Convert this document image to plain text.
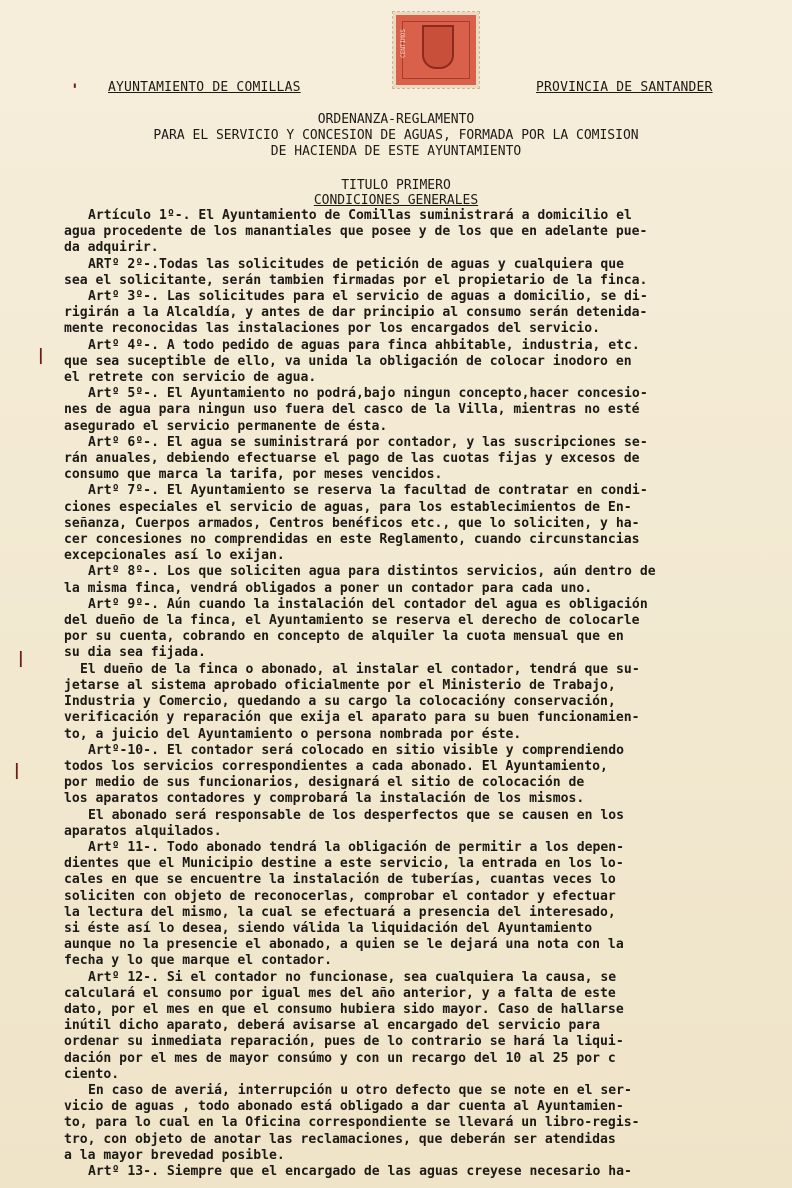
CENTIMOS
'
|
|
|
AYUNTAMIENTO DE COMILLAS	PROVINCIA DE SANTANDER
ORDENANZA-REGLAMENTO
PARA EL SERVICIO Y CONCESION DE AGUAS, FORMADA POR LA COMISION
DE HACIENDA DE ESTE AYUNTAMIENTO
TITULO PRIMERO
CONDICIONES GENERALES
Artículo 1º-. El Ayuntamiento de Comillas suministrará a domicilio el
agua procedente de los manantiales que posee y de los que en adelante pue-
da adquirir.
ARTº 2º-.Todas las solicitudes de petición de aguas y cualquiera que
sea el solicitante, serán tambien firmadas por el propietario de la finca.
Artº 3º-. Las solicitudes para el servicio de aguas a domicilio, se di-
rigirán a la Alcaldía, y antes de dar principio al consumo serán detenida-
mente reconocidas las instalaciones por los encargados del servicio.
Artº 4º-. A todo pedido de aguas para finca ahbitable, industria, etc.
que sea suceptible de ello, va unida la obligación de colocar inodoro en
el retrete con servicio de agua.
Artº 5º-. El Ayuntamiento no podrá,bajo ningun concepto,hacer concesio-
nes de agua para ningun uso fuera del casco de la Villa, mientras no esté
asegurado el servicio permanente de ésta.
Artº 6º-. El agua se suministrará por contador, y las suscripciones se-
rán anuales, debiendo efectuarse el pago de las cuotas fijas y excesos de
consumo que marca la tarifa, por meses vencidos.
Artº 7º-. El Ayuntamiento se reserva la facultad de contratar en condi-
ciones especiales el servicio de aguas, para los establecimientos de En-
señanza, Cuerpos armados, Centros benéficos etc., que lo soliciten, y ha-
cer concesiones no comprendidas en este Reglamento, cuando circunstancias
excepcionales así lo exijan.
Artº 8º-. Los que soliciten agua para distintos servicios, aún dentro de
la misma finca, vendrá obligados a poner un contador para cada uno.
Artº 9º-. Aún cuando la instalación del contador del agua es obligación
del dueño de la finca, el Ayuntamiento se reserva el derecho de colocarle
por su cuenta, cobrando en concepto de alquiler la cuota mensual que en
su dia sea fijada.
El dueño de la finca o abonado, al instalar el contador, tendrá que su-
jetarse al sistema aprobado oficialmente por el Ministerio de Trabajo,
Industria y Comercio, quedando a su cargo la colocacióny conservación,
verificación y reparación que exija el aparato para su buen funcionamien-
to, a juicio del Ayuntamiento o persona nombrada por éste.
Artº-10-. El contador será colocado en sitio visible y comprendiendo
todos los servicios correspondientes a cada abonado. El Ayuntamiento,
por medio de sus funcionarios, designará el sitio de colocación de
los aparatos contadores y comprobará la instalación de los mismos.
El abonado será responsable de los desperfectos que se causen en los
aparatos alquilados.
Artº 11-. Todo abonado tendrá la obligación de permitir a los depen-
dientes que el Municipio destine a este servicio, la entrada en los lo-
cales en que se encuentre la instalación de tuberías, cuantas veces lo
soliciten con objeto de reconocerlas, comprobar el contador y efectuar
la lectura del mismo, la cual se efectuará a presencia del interesado,
si éste así lo desea, siendo válida la liquidación del Ayuntamiento
aunque no la presencie el abonado, a quien se le dejará una nota con la
fecha y lo que marque el contador.
Artº 12-. Si el contador no funcionase, sea cualquiera la causa, se
calculará el consumo por igual mes del año anterior, y a falta de este
dato, por el mes en que el consumo hubiera sido mayor. Caso de hallarse
inútil dicho aparato, deberá avisarse al encargado del servicio para
ordenar su inmediata reparación, pues de lo contrario se hará la liqui-
dación por el mes de mayor consúmo y con un recargo del 10 al 25 por c
ciento.
En caso de averiá, interrupción u otro defecto que se note en el ser-
vicio de aguas , todo abonado está obligado a dar cuenta al Ayuntamien-
to, para lo cual en la Oficina correspondiente se llevará un libro-regis-
tro, con objeto de anotar las reclamaciones, que deberán ser atendidas
a la mayor brevedad posible.
Artº 13-. Siempre que el encargado de las aguas creyese necesario ha-
